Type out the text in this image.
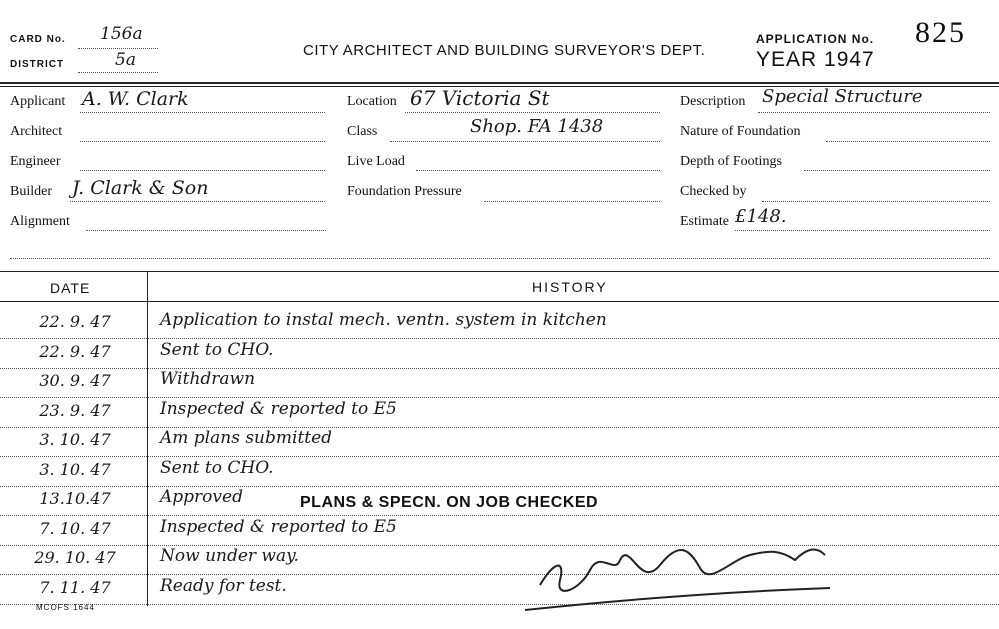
CARD No. 156a
DISTRICT	5a	CITY ARCHITECT AND BUILDING SURVEYOR'S DEPT.
APPLICATION No. 825
YEAR 1947
Applicant A. W. Clark
Architect
Engineer
Builder J. Clark & Son
Alignment
Location 67 Victoria St
Class	Shop. FA 1438
Live Load
Foundation Pressure
Description Special Structure
Nature of Foundation
Depth of Footings
Checked by
Estimate £148.
DATE	HISTORY
22. 9. 47	Application to instal mech. ventn. system in kitchen
22. 9. 47	Sent to CHO.
30. 9. 47	Withdrawn
23. 9. 47	Inspected & reported to E5
3. 10. 47	Am plans submitted
3. 10. 47	Sent to CHO.
13.10.47	Approved
7. 10. 47	Inspected & reported to E5
29. 10. 47	Now under way.
7. 11. 47	Ready for test.
PLANS & SPECN. ON JOB CHECKED
MCOFS 1644
